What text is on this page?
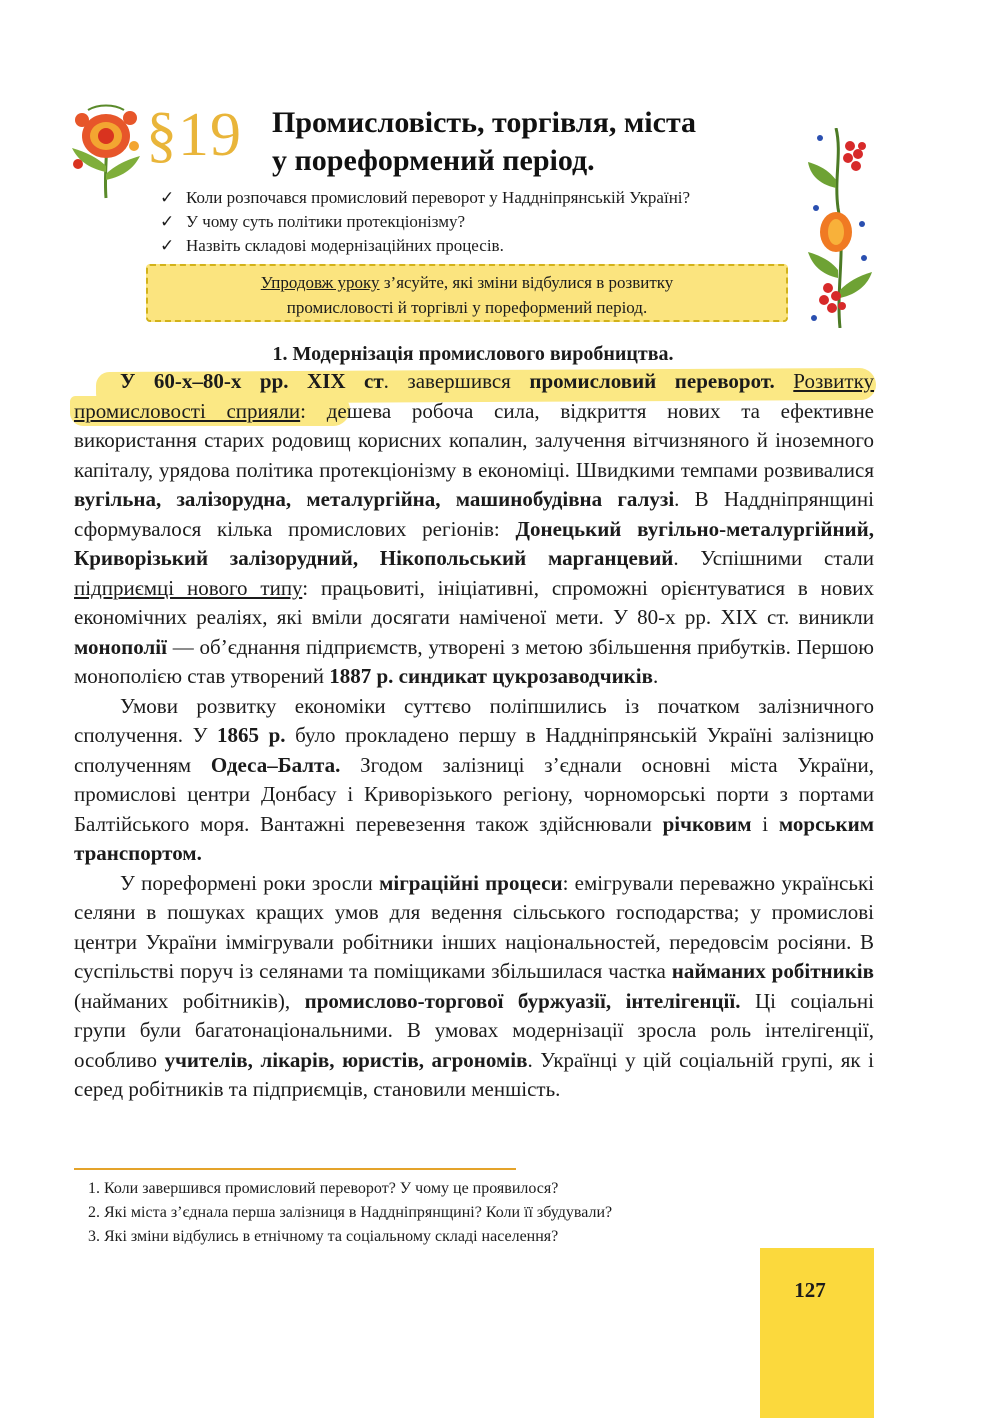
§19 Промисловість, торгівля, міста
у пореформений період.
✓ Коли розпочався промисловий переворот у Наддніпрянській Україні?
✓ У чому суть політики протекціонізму?
✓ Назвіть складові модернізаційних процесів.
Упродовж уроку з’ясуйте, які зміни відбулися в розвитку
промисловості й торгівлі у пореформений період.
1. Модернізація промислового виробництва.

У 60-х–80-х рр. XIX ст. завершився промисловий переворот. Розвитку промисловості сприяли: дешева робоча сила, відкриття нових та ефективне використання старих родовищ корисних копалин, залучення вітчизняного й іноземного капіталу, урядова політика протекціонізму в економіці. Швидкими темпами розвивалися вугільна, залізорудна, металургійна, машинобудівна галузі. В Наддніпрянщині сформувалося кілька промислових регіонів: Донецький вугільно-металургійний, Криворізький залізорудний, Нікопольський марганцевий. Успішними стали підприємці нового типу: працьовиті, ініціативні, спроможні орієнтуватися в нових економічних реаліях, які вміли досягати наміченої мети. У 80-х рр. XIX ст. виникли монополії — об’єднання підприємств, утворені з метою збільшення прибутків. Першою монополією став утворений 1887 р. синдикат цукрозаводчиків.

Умови розвитку економіки суттєво поліпшились із початком залізничного сполучення. У 1865 р. було прокладено першу в Наддніпрянській Україні залізницю сполученням Одеса–Балта. Згодом залізниці з’єднали основні міста України, промислові центри Донбасу і Криворізького регіону, чорноморські порти з портами Балтійського моря. Вантажні перевезення також здійснювали річковим і морським транспортом.

У пореформені роки зросли міграційні процеси: емігрували переважно українські селяни в пошуках кращих умов для ведення сільського господарства; у промислові центри України іммігрували робітники інших національностей, передовсім росіяни. В суспільстві поруч із селянами та поміщиками збільшилася частка найманих робітників (найманих робітників), промислово-торгової буржуазії, інтелігенції. Ці соціальні групи були багатонаціональними. В умовах модернізації зросла роль інтелігенції, особливо учителів, лікарів, юристів, агрономів. Українці у цій соціальній групі, як і серед робітників та підприємців, становили меншість.

1. Коли завершився промисловий переворот? У чому це проявилося?
2. Які міста з’єднала перша залізниця в Наддніпрянщині? Коли її збудували?
3. Які зміни відбулись в етнічному та соціальному складі населення?
127
